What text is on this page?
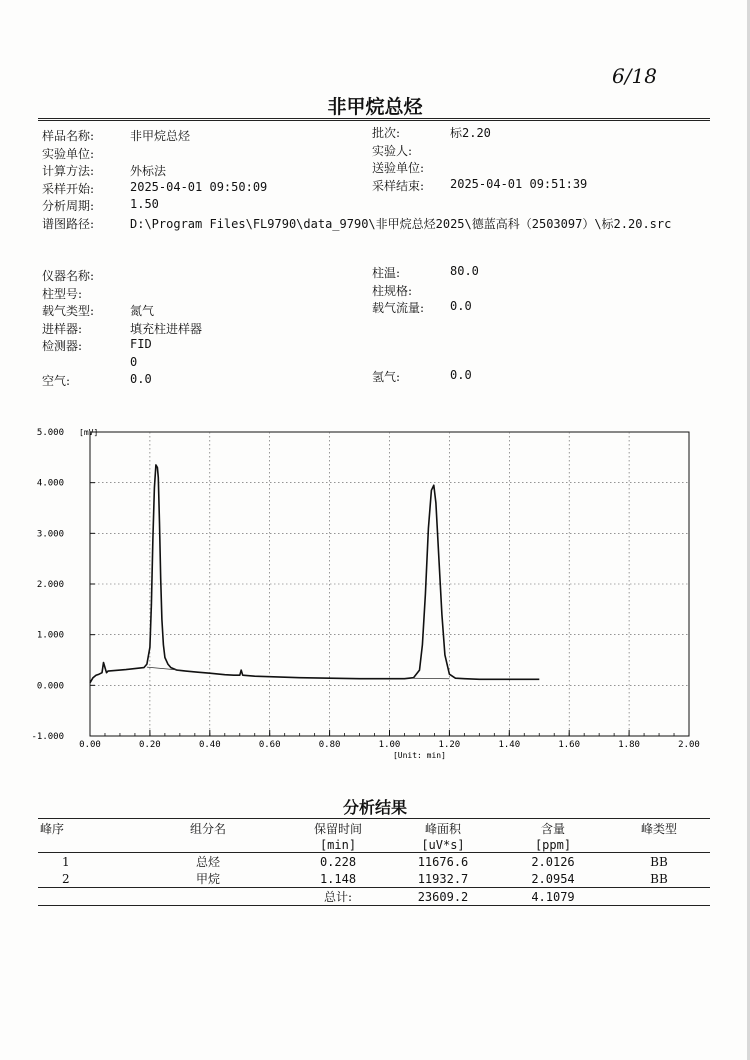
6/18
非甲烷总烃
样品名称:	非甲烷总烃
实验单位:
计算方法:	外标法
采样开始:	2025-04-01 09:50:09
分析周期:	1.50
谱图路径:	D:\Program Files\FL9790\data_9790\非甲烷总烃2025\德蓝高科（2503097）\标2.20.src
批次:	标2.20
实验人:
送验单位:
采样结束: 2025-04-01 09:51:39
仪器名称:
柱型号:
载气类型:	氮气
进样器:	填充柱进样器
检测器:	FID
0
空气:	0.0
柱温:	80.0
柱规格:
载气流量: 0.0
氢气:	0.0
0.00	0.20	0.40	0.60	0.80	1.00	1.20	1.40	1.60	1.80	2.00
5.000
4.000
3.000
2.000
1.000
0.000
-1.000
[mV]
[Unit: min]
分析结果
峰序	组分名	保留时间	峰面积	含量	峰类型
		[min]	[uV*s]	[ppm]	
1	总烃	0.228	11676.6	2.0126	BB
2	甲烷	1.148	11932.7	2.0954	BB
		总计:	23609.2	4.1079	
